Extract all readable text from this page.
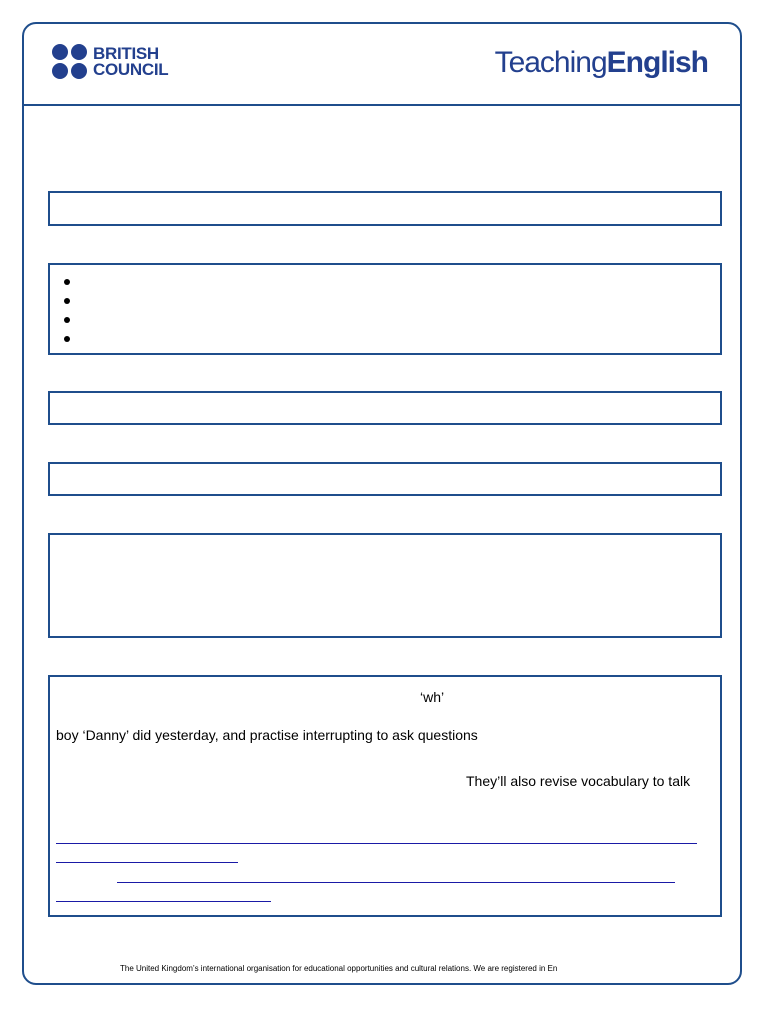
BRITISH
COUNCIL	TeachingEnglish
‘wh’
boy ‘Danny’ did yesterday, and practise interrupting to ask questions
They’ll also revise vocabulary to talk
The United Kingdom’s international organisation for educational opportunities and cultural relations. We are registered in En
